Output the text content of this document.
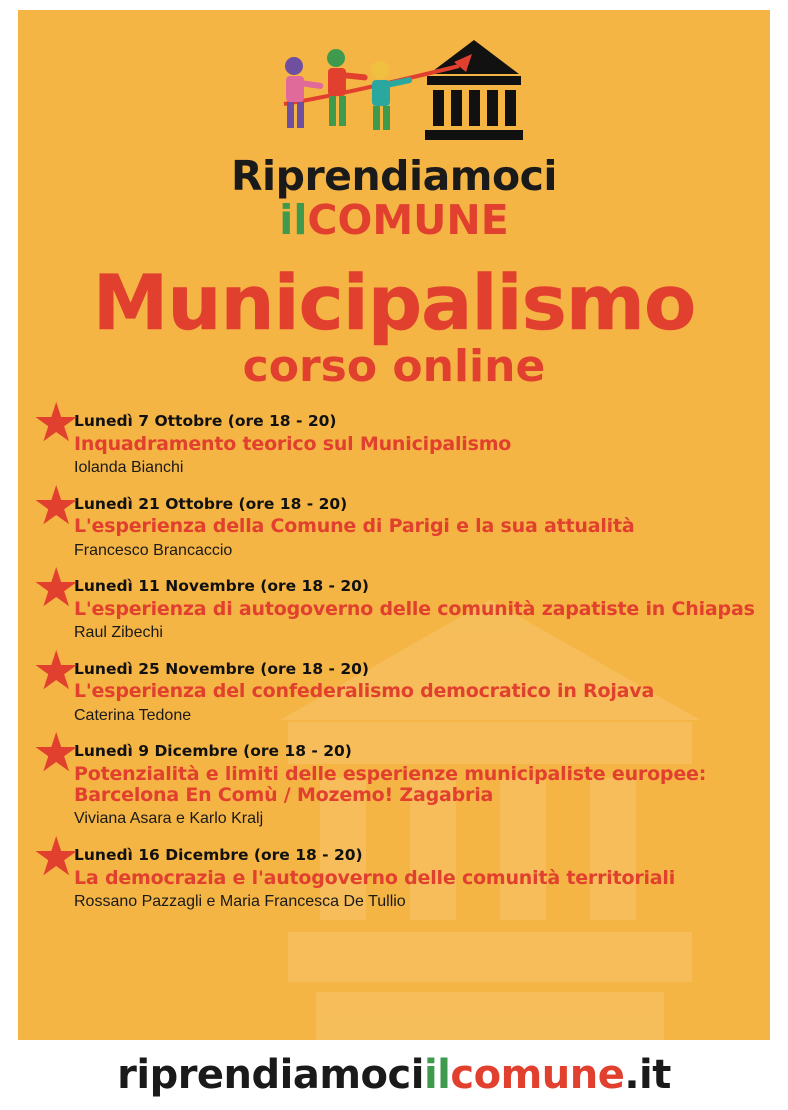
Riprendiamoci
ilCOMUNE
Municipalismo
corso online
★
Lunedì 7 Ottobre (ore 18 - 20)
Inquadramento teorico sul Municipalismo
Iolanda Bianchi
★
Lunedì 21 Ottobre (ore 18 - 20)
L'esperienza della Comune di Parigi e la sua attualità
Francesco Brancaccio
★
Lunedì 11 Novembre (ore 18 - 20)
L'esperienza di autogoverno delle comunità zapatiste in Chiapas
Raul Zibechi
★
Lunedì 25 Novembre (ore 18 - 20)
L'esperienza del confederalismo democratico in Rojava
Caterina Tedone
★
Lunedì 9 Dicembre (ore 18 - 20)
Potenzialità e limiti delle esperienze municipaliste europee: Barcelona En Comù / Mozemo! Zagabria
Viviana Asara e Karlo Kralj
★
Lunedì 16 Dicembre (ore 18 - 20)
La democrazia e l'autogoverno delle comunità territoriali
Rossano Pazzagli e Maria Francesca De Tullio
riprendiamociilcomune.it
